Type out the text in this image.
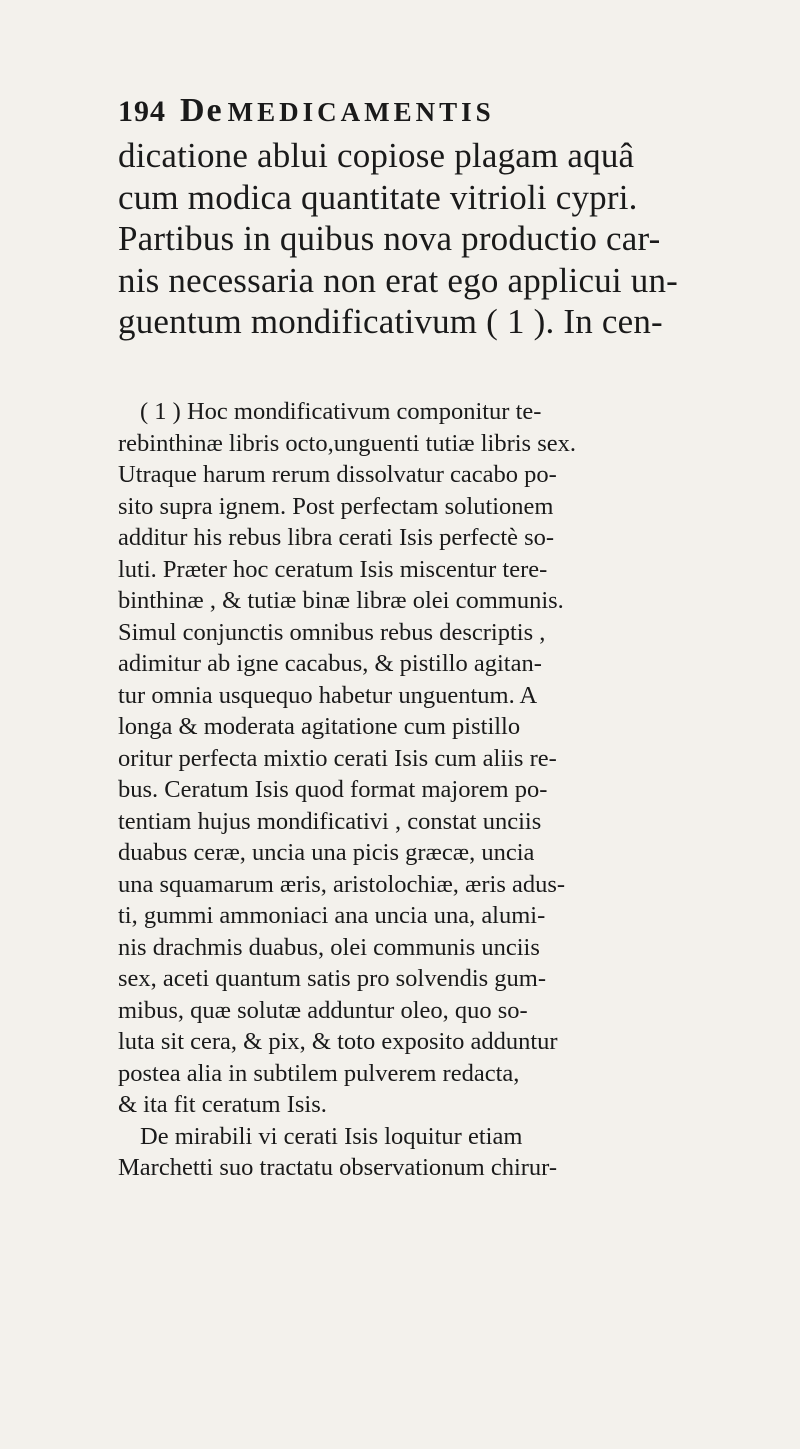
194 De MEDICAMENTIS
dicatione ablui copiose plagam aquâ
cum modica quantitate vitrioli cypri.
Partibus in quibus nova productio car-
nis necessaria non erat ego applicui un-
guentum mondificativum ( 1 ). In cen-
( 1 ) Hoc mondificativum componitur te-
rebinthinæ libris octo,unguenti tutiæ libris sex.
Utraque harum rerum dissolvatur cacabo po-
sito supra ignem. Post perfectam solutionem
additur his rebus libra cerati Isis perfectè so-
luti. Præter hoc ceratum Isis miscentur tere-
binthinæ , & tutiæ binæ libræ olei communis.
Simul conjunctis omnibus rebus descriptis ,
adimitur ab igne cacabus, & pistillo agitan-
tur omnia usquequo habetur unguentum. A
longa & moderata agitatione cum pistillo
oritur perfecta mixtio cerati Isis cum aliis re-
bus. Ceratum Isis quod format majorem po-
tentiam hujus mondificativi , constat unciis
duabus ceræ, uncia una picis græcæ, uncia
una squamarum æris, aristolochiæ, æris adus-
ti, gummi ammoniaci ana uncia una, alumi-
nis drachmis duabus, olei communis unciis
sex, aceti quantum satis pro solvendis gum-
mibus, quæ solutæ adduntur oleo, quo so-
luta sit cera, & pix, & toto exposito adduntur
postea alia in subtilem pulverem redacta,
& ita fit ceratum Isis.
De mirabili vi cerati Isis loquitur etiam
Marchetti suo tractatu observationum chirur-
